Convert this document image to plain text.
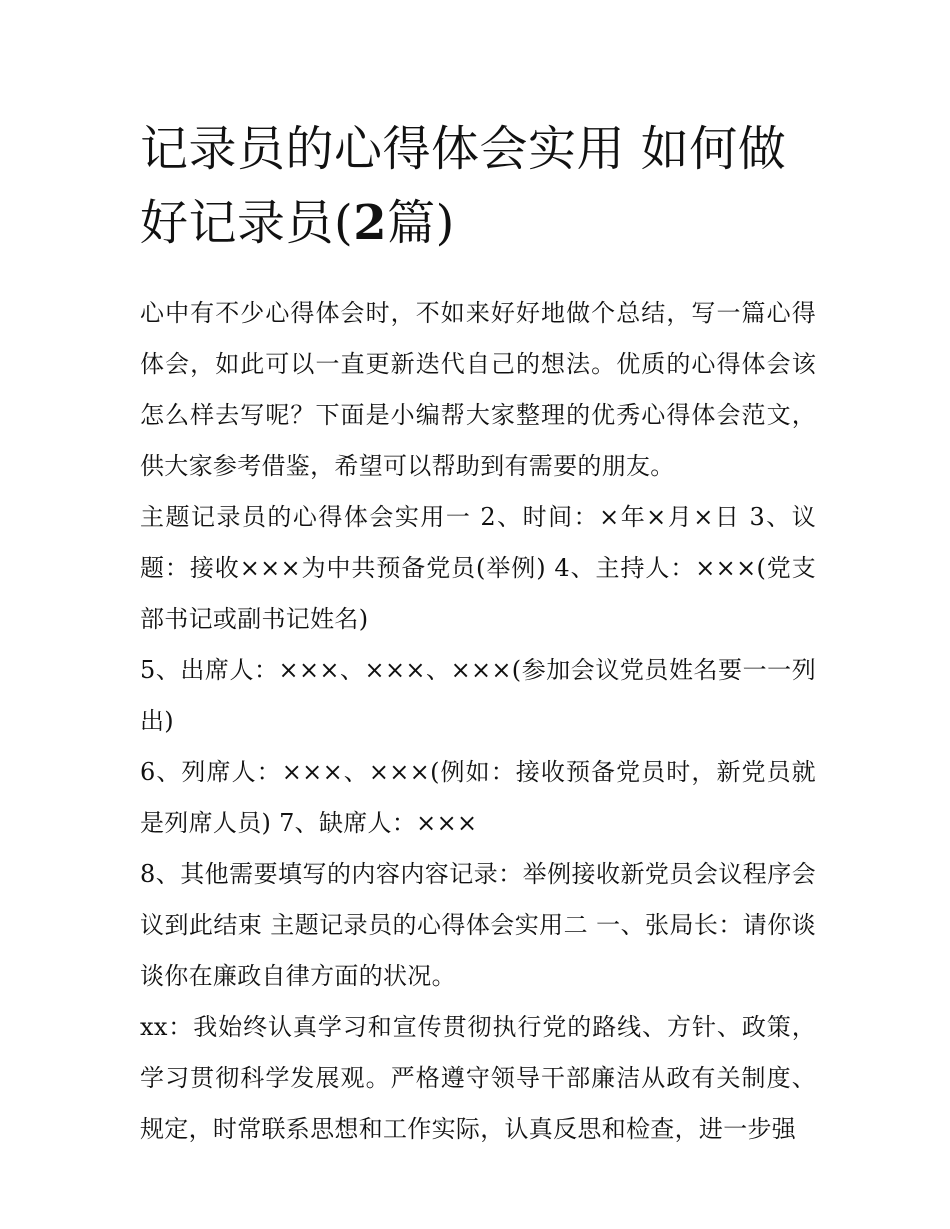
记录员的心得体会实用 如何做好记录员(2篇)

心中有不少心得体会时，不如来好好地做个总结，写一篇心得体会，如此可以一直更新迭代自己的想法。优质的心得体会该怎么样去写呢？下面是小编帮大家整理的优秀心得体会范文，供大家参考借鉴，希望可以帮助到有需要的朋友。

主题记录员的心得体会实用一 2、时间：×年×月×日 3、议题：接收×××为中共预备党员(举例) 4、主持人：×××(党支部书记或副书记姓名)

5、出席人：×××、×××、×××(参加会议党员姓名要一一列出)

6、列席人：×××、×××(例如：接收预备党员时，新党员就是列席人员) 7、缺席人：×××

8、其他需要填写的内容内容记录：举例接收新党员会议程序会议到此结束 主题记录员的心得体会实用二 一、张局长：请你谈谈你在廉政自律方面的状况。

xx：我始终认真学习和宣传贯彻执行党的路线、方针、政策，学习贯彻科学发展观。严格遵守领导干部廉洁从政有关制度、规定，时常联系思想和工作实际，认真反思和检查，进一步强
